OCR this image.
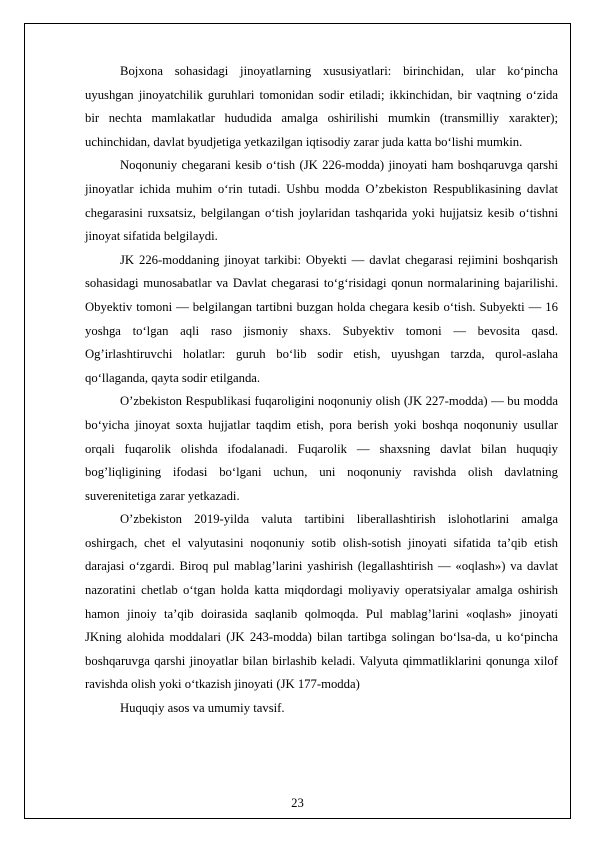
Bojxona sohasidagi jinoyatlarning xususiyatlari: birinchidan, ular ko‘pincha uyushgan jinoyatchilik guruhlari tomonidan sodir etiladi; ikkinchidan, bir vaqtning o‘zida bir nechta mamlakatlar hududida amalga oshirilishi mumkin (transmilliy xarakter); uchinchidan, davlat byudjetiga yetkazilgan iqtisodiy zarar juda katta bo‘lishi mumkin.

Noqonuniy chegarani kesib o‘tish (JK 226-modda) jinoyati ham boshqaruvga qarshi jinoyatlar ichida muhim o‘rin tutadi. Ushbu modda O’zbekiston Respublikasining davlat chegarasini ruxsatsiz, belgilangan o‘tish joylaridan tashqarida yoki hujjatsiz kesib o‘tishni jinoyat sifatida belgilaydi.

JK 226-moddaning jinoyat tarkibi: Obyekti — davlat chegarasi rejimini boshqarish sohasidagi munosabatlar va Davlat chegarasi to‘g‘risidagi qonun normalarining bajarilishi. Obyektiv tomoni — belgilangan tartibni buzgan holda chegara kesib o‘tish. Subyekti — 16 yoshga to‘lgan aqli raso jismoniy shaxs. Subyektiv tomoni — bevosita qasd. Og’irlashtiruvchi holatlar: guruh bo‘lib sodir etish, uyushgan tarzda, qurol-aslaha qo‘llaganda, qayta sodir etilganda.

O’zbekiston Respublikasi fuqaroligini noqonuniy olish (JK 227-modda) — bu modda bo‘yicha jinoyat soxta hujjatlar taqdim etish, pora berish yoki boshqa noqonuniy usullar orqali fuqarolik olishda ifodalanadi. Fuqarolik — shaxsning davlat bilan huquqiy bog’liqligining ifodasi bo‘lgani uchun, uni noqonuniy ravishda olish davlatning suverenitetiga zarar yetkazadi.

O’zbekiston 2019-yilda valuta tartibini liberallashtirish islohotlarini amalga oshirgach, chet el valyutasini noqonuniy sotib olish-sotish jinoyati sifatida ta’qib etish darajasi o‘zgardi. Biroq pul mablag’larini yashirish (legallashtirish — «oqlash») va davlat nazoratini chetlab o‘tgan holda katta miqdordagi moliyaviy operatsiyalar amalga oshirish hamon jinoiy ta’qib doirasida saqlanib qolmoqda. Pul mablag’larini «oqlash» jinoyati JKning alohida moddalari (JK 243-modda) bilan tartibga solingan bo‘lsa-da, u ko‘pincha boshqaruvga qarshi jinoyatlar bilan birlashib keladi. Valyuta qimmatliklarini qonunga xilof ravishda olish yoki o‘tkazish jinoyati (JK 177-modda)

Huquqiy asos va umumiy tavsif.

23
